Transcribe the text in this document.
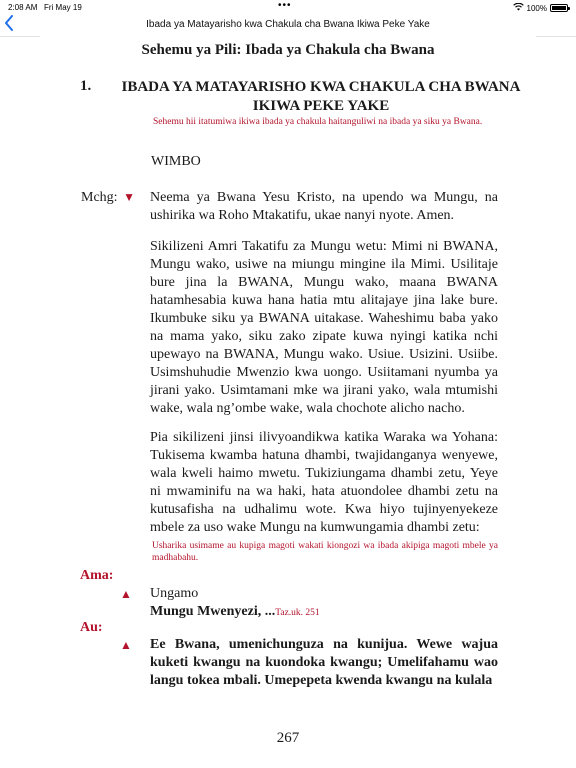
2:08 AM Fri May 19	•••	100%
Ibada ya Matayarisho kwa Chakula cha Bwana Ikiwa Peke Yake
Sehemu ya Pili: Ibada ya Chakula cha Bwana
1. IBADA YA MATAYARISHO KWA CHAKULA CHA BWANA IKIWA PEKE YAKE
Sehemu hii itatumiwa ikiwa ibada ya chakula haitanguliwi na ibada ya siku ya Bwana.
WIMBO
Mchg: ▼ Neema ya Bwana Yesu Kristo, na upendo wa Mungu, na ushirika wa Roho Mtakatifu, ukae nanyi nyote. Amen.
Sikilizeni Amri Takatifu za Mungu wetu: Mimi ni BWANA, Mungu wako, usiwe na miungu mingine ila Mimi. Usilitaje bure jina la BWANA, Mungu wako, maana BWANA hatamhesabia kuwa hana hatia mtu alitajaye jina lake bure. Ikumbuke siku ya BWANA uitakase. Waheshimu baba yako na mama yako, siku zako zipate kuwa nyingi katika nchi upewayo na BWANA, Mungu wako. Usiue. Usizini. Usiibe. Usimshuhudie Mwenzio kwa uongo. Usiitamani nyumba ya jirani yako. Usimtamani mke wa jirani yako, wala mtumishi wake, wala ng’ombe wake, wala chochote alicho nacho.
Pia sikilizeni jinsi ilivyoandikwa katika Waraka wa Yohana: Tukisema kwamba hatuna dhambi, twajidanganya wenyewe, wala kweli haimo mwetu. Tukiziungama dhambi zetu, Yeye ni mwaminifu na wa haki, hata atuondolee dhambi zetu na kutusafisha na udhalimu wote. Kwa hiyo tujinyenyekeze mbele za uso wake Mungu na kumwungamia dhambi zetu:
Usharika usimame au kupiga magoti wakati kiongozi wa ibada akipiga magoti mbele ya madhabahu.
Ama:
▲ Ungamo
Mungu Mwenyezi, ...Taz.uk. 251
Au:
▲ Ee Bwana, umenichunguza na kunijua. Wewe wajua kuketi kwangu na kuondoka kwangu; Umelifahamu wao langu tokea mbali. Umepepeta kwenda kwangu na kulala
267
